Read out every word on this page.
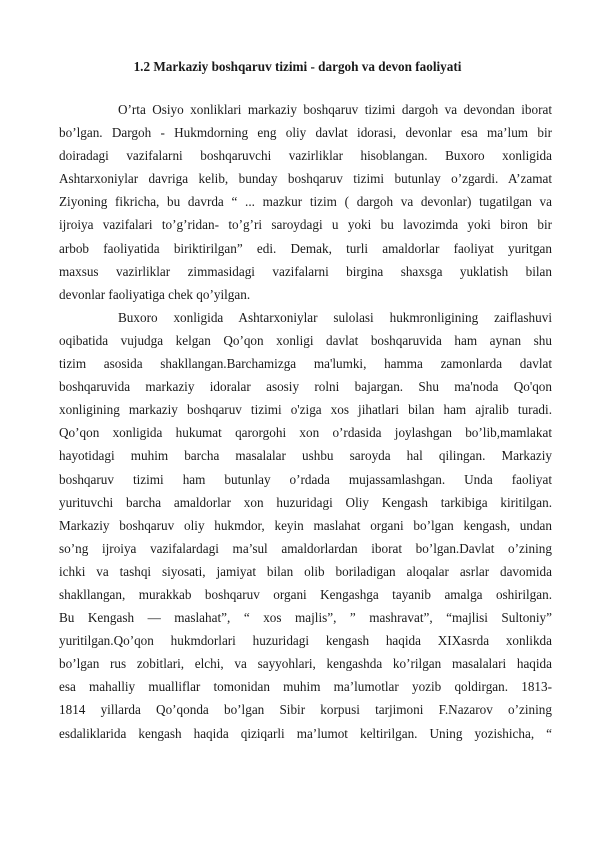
1.2 Markaziy boshqaruv tizimi - dargoh va devon faoliyati
O’rta Osiyo xonliklari markaziy boshqaruv tizimi dargoh va devondan iborat
bo’lgan. Dargoh - Hukmdorning eng oliy davlat idorasi, devonlar esa ma’lum bir
doiradagi vazifalarni boshqaruvchi vazirliklar hisoblangan. Buxoro xonligida
Ashtarxoniylar davriga kelib, bunday boshqaruv tizimi butunlay o’zgardi. A’zamat
Ziyoning fikricha, bu davrda “ ... mazkur tizim ( dargoh va devonlar) tugatilgan va
ijroiya vazifalari to’g’ridan- to’g’ri saroydagi u yoki bu lavozimda yoki biron bir
arbob faoliyatida biriktirilgan” edi. Demak, turli amaldorlar faoliyat yuritgan
maxsus vazirliklar zimmasidagi vazifalarni birgina shaxsga yuklatish bilan
devonlar faoliyatiga chek qo’yilgan.
Buxoro xonligida Ashtarxoniylar sulolasi hukmronligining zaiflashuvi
oqibatida vujudga kelgan Qo’qon xonligi davlat boshqaruvida ham aynan shu
tizim asosida shakllangan.Barchamizga ma'lumki, hamma zamonlarda davlat
boshqaruvida markaziy idoralar asosiy rolni bajargan. Shu ma'noda Qo'qon
xonligining markaziy boshqaruv tizimi o'ziga xos jihatlari bilan ham ajralib turadi.
Qo’qon xonligida hukumat qarorgohi xon o’rdasida joylashgan bo’lib,mamlakat
hayotidagi muhim barcha masalalar ushbu saroyda hal qilingan. Markaziy
boshqaruv tizimi ham butunlay o’rdada mujassamlashgan. Unda faoliyat
yurituvchi barcha amaldorlar xon huzuridagi Oliy Kengash tarkibiga kiritilgan.
Markaziy boshqaruv oliy hukmdor, keyin maslahat organi bo’lgan kengash, undan
so’ng ijroiya vazifalardagi ma’sul amaldorlardan iborat bo’lgan.Davlat o’zining
ichki va tashqi siyosati, jamiyat bilan olib boriladigan aloqalar asrlar davomida
shakllangan, murakkab boshqaruv organi Kengashga tayanib amalga oshirilgan.
Bu Kengash — maslahat”, “ xos majlis”, ” mashravat”, “majlisi Sultoniy”
yuritilgan.Qo’qon hukmdorlari huzuridagi kengash haqida XIXasrda xonlikda
bo’lgan rus zobitlari, elchi, va sayyohlari, kengashda ko’rilgan masalalari haqida
esa mahalliy mualliflar tomonidan muhim ma’lumotlar yozib qoldirgan. 1813-
1814 yillarda Qo’qonda bo’lgan Sibir korpusi tarjimoni F.Nazarov o’zining
esdaliklarida kengash haqida qiziqarli ma’lumot keltirilgan. Uning yozishicha, “
